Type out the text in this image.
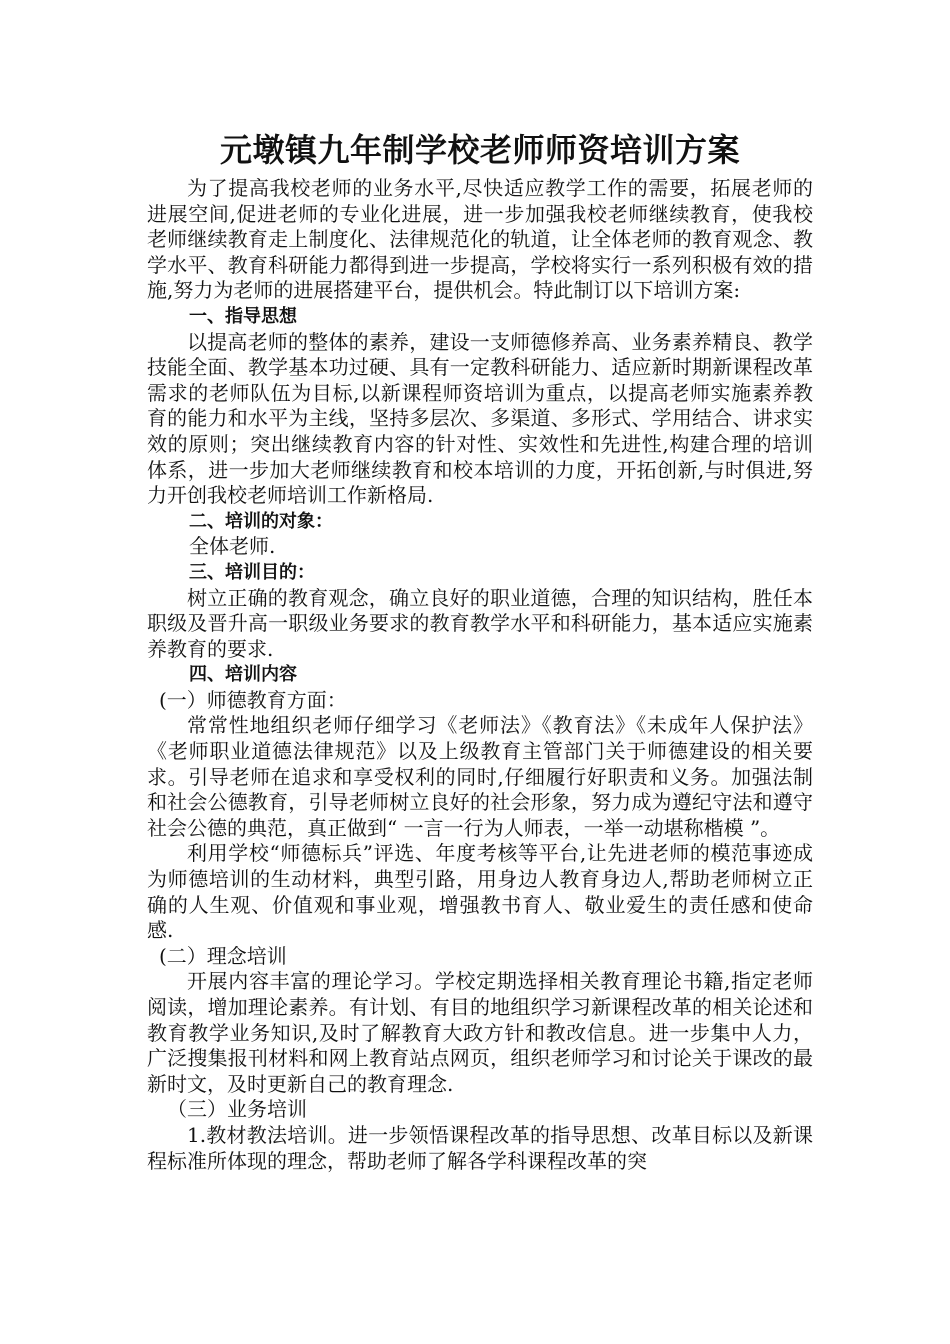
元墩镇九年制学校老师师资培训方案

为了提高我校老师的业务水平,尽快适应教学工作的需要，拓展老师的进展空间,促进老师的专业化进展，进一步加强我校老师继续教育，使我校老师继续教育走上制度化、法律规范化的轨道，让全体老师的教育观念、教学水平、教育科研能力都得到进一步提高，学校将实行一系列积极有效的措施,努力为老师的进展搭建平台，提供机会。特此制订以下培训方案:

一、指导思想

以提高老师的整体的素养，建设一支师德修养高、业务素养精良、教学技能全面、教学基本功过硬、具有一定教科研能力、适应新时期新课程改革需求的老师队伍为目标,以新课程师资培训为重点，以提高老师实施素养教育的能力和水平为主线，坚持多层次、多渠道、多形式、学用结合、讲求实效的原则；突出继续教育内容的针对性、实效性和先进性,构建合理的培训体系，进一步加大老师继续教育和校本培训的力度，开拓创新,与时俱进,努力开创我校老师培训工作新格局.

二、培训的对象：

全体老师.

三、培训目的：

树立正确的教育观念，确立良好的职业道德，合理的知识结构，胜任本职级及晋升高一职级业务要求的教育教学水平和科研能力，基本适应实施素养教育的要求.

四、培训内容

(一）师德教育方面：

常常性地组织老师仔细学习《老师法》《教育法》《未成年人保护法》《老师职业道德法律规范》以及上级教育主管部门关于师德建设的相关要求。引导老师在追求和享受权利的同时,仔细履行好职责和义务。加强法制和社会公德教育，引导老师树立良好的社会形象，努力成为遵纪守法和遵守社会公德的典范，真正做到“ 一言一行为人师表，一举一动堪称楷模 ”。

利用学校“师德标兵”评选、年度考核等平台,让先进老师的模范事迹成为师德培训的生动材料，典型引路，用身边人教育身边人,帮助老师树立正确的人生观、价值观和事业观，增强教书育人、敬业爱生的责任感和使命感.

(二）理念培训

开展内容丰富的理论学习。学校定期选择相关教育理论书籍,指定老师阅读，增加理论素养。有计划、有目的地组织学习新课程改革的相关论述和教育教学业务知识,及时了解教育大政方针和教改信息。进一步集中人力，广泛搜集报刊材料和网上教育站点网页，组织老师学习和讨论关于课改的最新时文，及时更新自己的教育理念.

（三）业务培训

1.教材教法培训。进一步领悟课程改革的指导思想、改革目标以及新课程标准所体现的理念，帮助老师了解各学科课程改革的突
